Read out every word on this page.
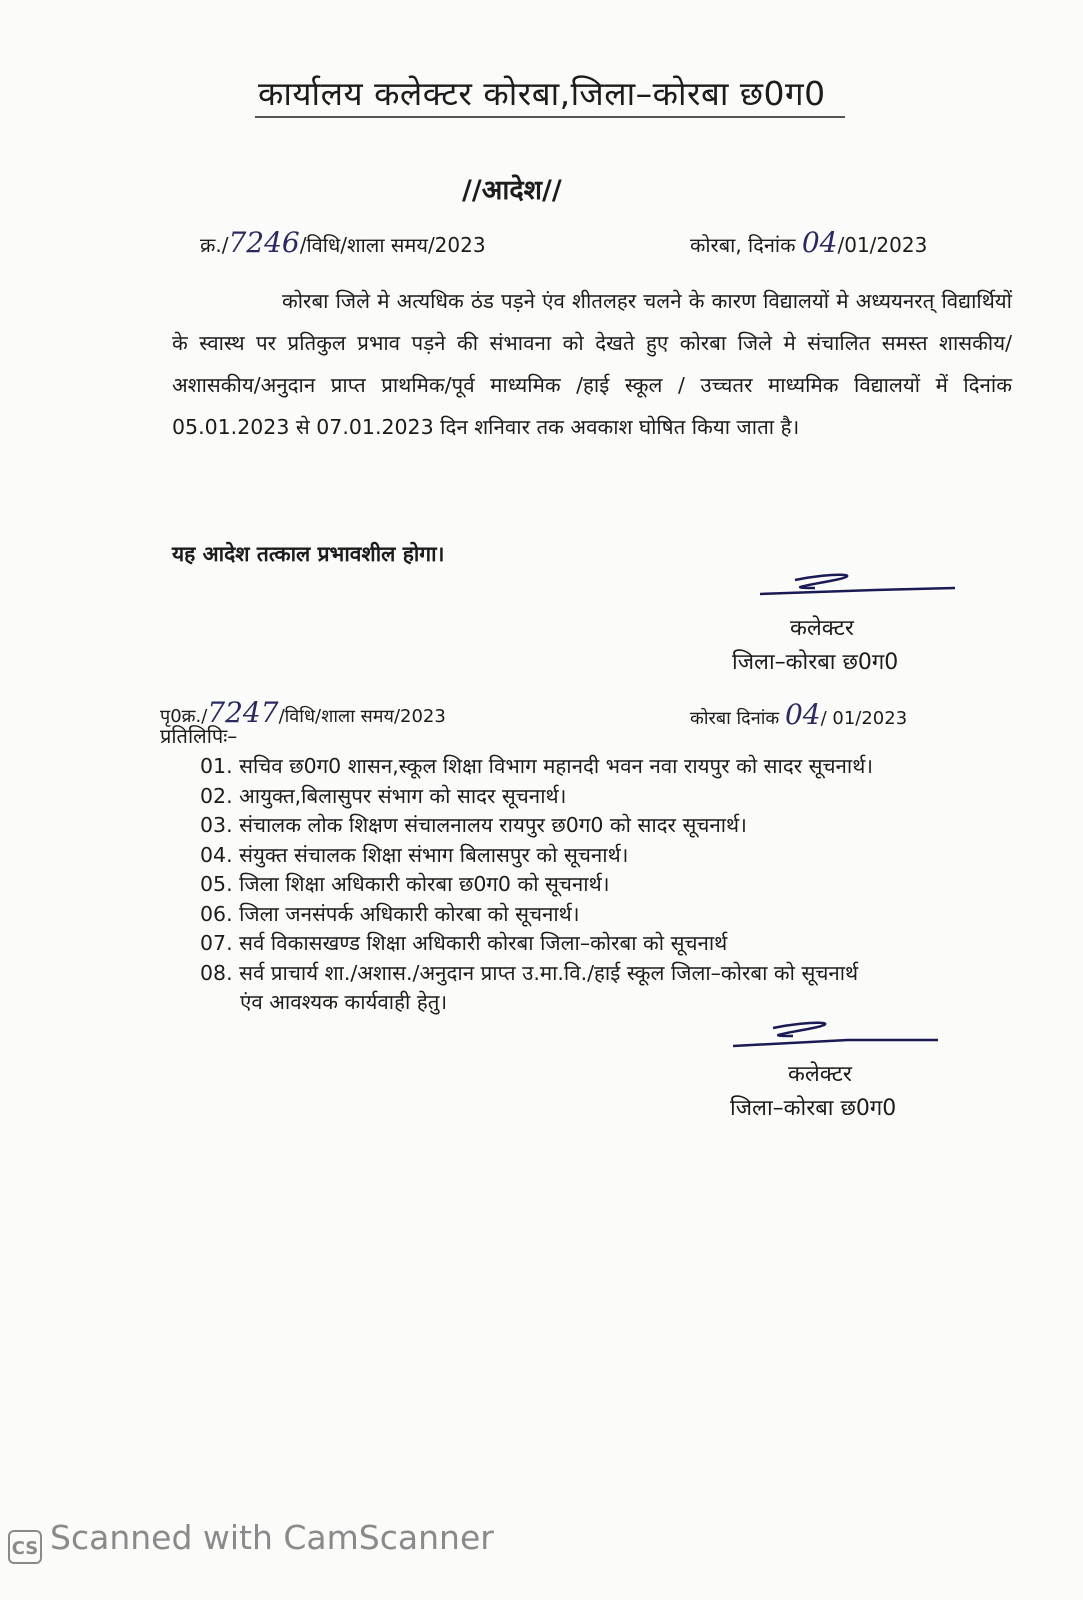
कार्यालय कलेक्टर कोरबा,जिला–कोरबा छ0ग0
//आदेश//
क्र./7246/विधि/शाला समय/2023	कोरबा, दिनांक 04/01/2023
कोरबा जिले मे अत्यधिक ठंड पड़ने एंव शीतलहर चलने के कारण विद्यालयों मे अध्ययनरत् विद्यार्थियों के स्वास्थ पर प्रतिकुल प्रभाव पड़ने की संभावना को देखते हुए कोरबा जिले मे संचालित समस्त शासकीय/अशासकीय/अनुदान प्राप्त प्राथमिक/पूर्व माध्यमिक /हाई स्कूल / उच्चतर माध्यमिक विद्यालयों में दिनांक 05.01.2023 से 07.01.2023 दिन शनिवार तक अवकाश घोषित किया जाता है।
यह आदेश तत्काल प्रभावशील होगा।
कलेक्टर
जिला–कोरबा छ0ग0
पृ0क्र./7247/विधि/शाला समय/2023	कोरबा दिनांक 04/ 01/2023
प्रतिलिपिः–
01. सचिव छ0ग0 शासन,स्कूल शिक्षा विभाग महानदी भवन नवा रायपुर को सादर सूचनार्थ।
02. आयुक्त,बिलासुपर संभाग को सादर सूचनार्थ।
03. संचालक लोक शिक्षण संचालनालय रायपुर छ0ग0 को सादर सूचनार्थ।
04. संयुक्त संचालक शिक्षा संभाग बिलासपुर को सूचनार्थ।
05. जिला शिक्षा अधिकारी कोरबा छ0ग0 को सूचनार्थ।
06. जिला जनसंपर्क अधिकारी कोरबा को सूचनार्थ।
07. सर्व विकासखण्ड शिक्षा अधिकारी कोरबा जिला–कोरबा को सूचनार्थ
08. सर्व प्राचार्य शा./अशास./अनुदान प्राप्त उ.मा.वि./हाई स्कूल जिला–कोरबा को सूचनार्थ
एंव आवश्यक कार्यवाही हेतु।
कलेक्टर
जिला–कोरबा छ0ग0
CS Scanned with CamScanner
